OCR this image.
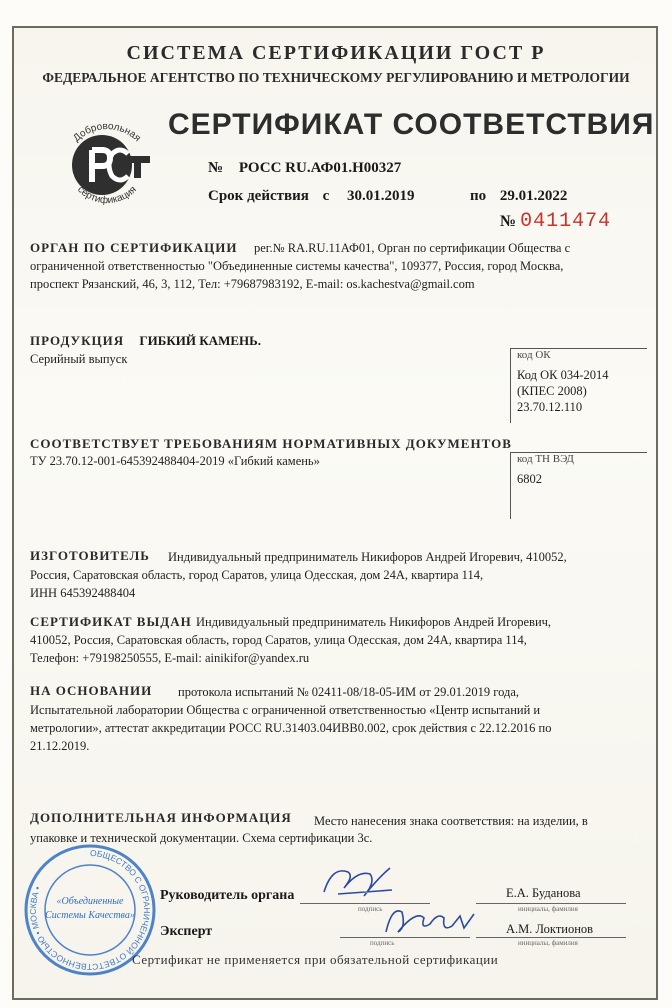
СИСТЕМА СЕРТИФИКАЦИИ ГОСТ Р
ФЕДЕРАЛЬНОЕ АГЕНТСТВО ПО ТЕХНИЧЕСКОМУ РЕГУЛИРОВАНИЮ И МЕТРОЛОГИИ
Добровольная
сертификация
СЕРТИФИКАТ СООТВЕТСТВИЯ
№ РОСС RU.АФ01.Н00327
Срок действия с 30.01.2019	по 29.01.2022
№ 0411474
ОРГАН ПО СЕРТИФИКАЦИИ рег.№ RA.RU.11АФ01, Орган по сертификации Общества с
ограниченной ответственностью "Объединенные системы качества", 109377, Россия, город Москва,
проспект Рязанский, 46, 3, 112, Тел: +79687983192, E-mail: os.kachestva@gmail.com
ПРОДУКЦИЯ ГИБКИЙ КАМЕНЬ.
Серийный выпуск	код ОК
Код ОК 034-2014
(КПЕС 2008)
23.70.12.110
СООТВЕТСТВУЕТ ТРЕБОВАНИЯМ НОРМАТИВНЫХ ДОКУМЕНТОВ
ТУ 23.70.12-001-645392488404-2019 «Гибкий камень»	код ТН ВЭД
6802
ИЗГОТОВИТЕЛЬ Индивидуальный предприниматель Никифоров Андрей Игоревич, 410052,
Россия, Саратовская область, город Саратов, улица Одесская, дом 24А, квартира 114,
ИНН 645392488404
СЕРТИФИКАТ ВЫДАН Индивидуальный предприниматель Никифоров Андрей Игоревич,
410052, Россия, Саратовская область, город Саратов, улица Одесская, дом 24А, квартира 114,
Телефон: +79198250555, E-mail: ainikifor@yandex.ru
НА ОСНОВАНИИ протокола испытаний № 02411-08/18-05-ИМ от 29.01.2019 года,
Испытательной лаборатории Общества с ограниченной ответственностью «Центр испытаний и
метрологии», аттестат аккредитации РОСС RU.31403.04ИВВ0.002, срок действия с 22.12.2016 по
21.12.2019.
ДОПОЛНИТЕЛЬНАЯ ИНФОРМАЦИЯ Место нанесения знака соответствия: на изделии, в
упаковке и технической документации. Схема сертификации 3с.
ОБЩЕСТВО С ОГРАНИЧЕННОЙ ОТВЕТСТВЕННОСТЬЮ • МОСКВА •
«Объединенные
Системы Качества»
Руководитель органа
подпись
Е.А. Буданова
инициалы, фамилия
Эксперт
подпись
А.М. Локтионов
инициалы, фамилия
Сертификат не применяется при обязательной сертификации
